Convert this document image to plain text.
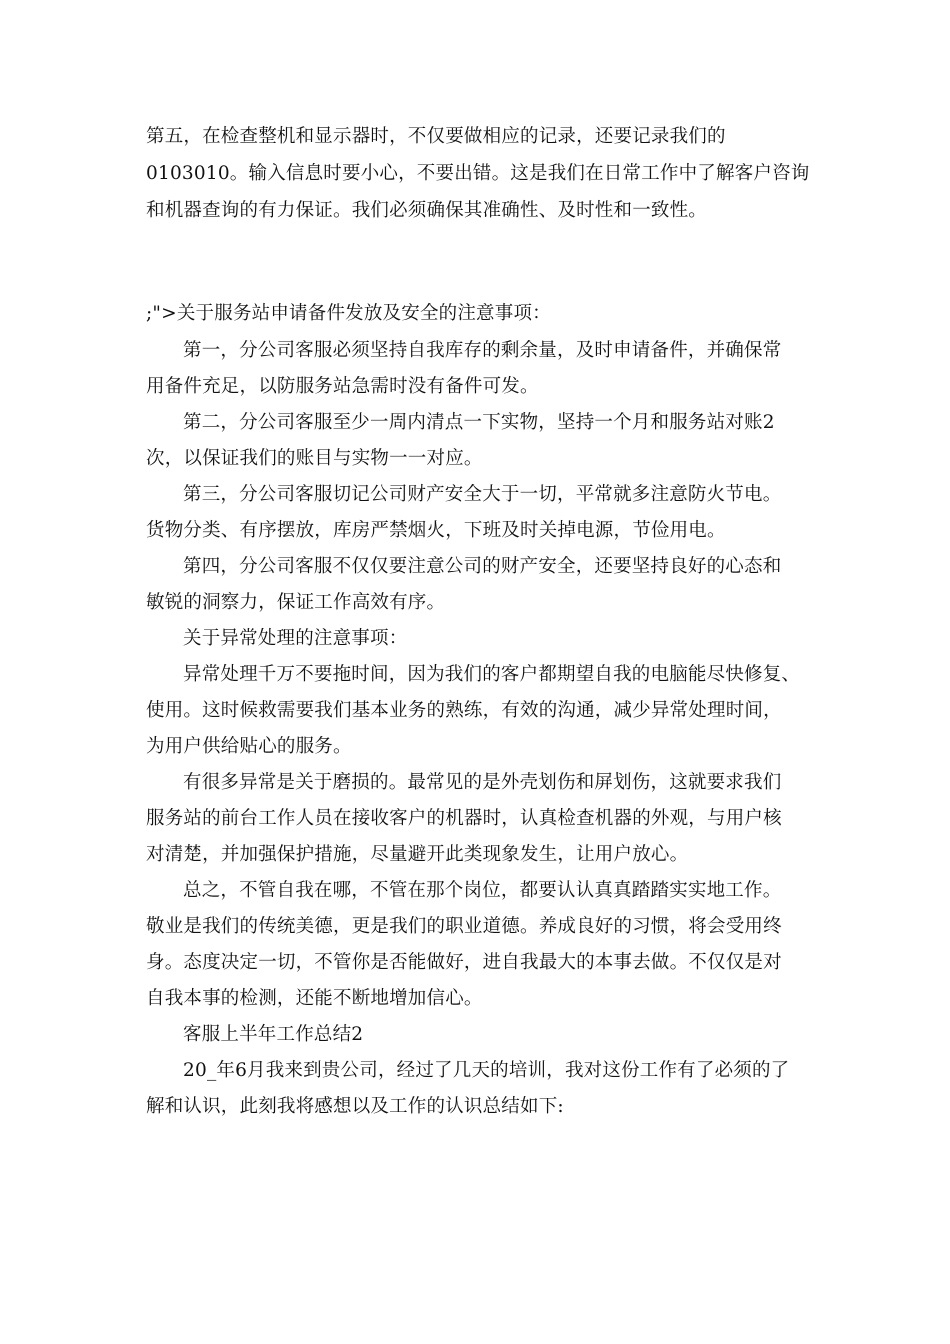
第五，在检查整机和显示器时，不仅要做相应的记录，还要记录我们的
0103010。输入信息时要小心，不要出错。这是我们在日常工作中了解客户咨询
和机器查询的有力保证。我们必须确保其准确性、及时性和一致性。
;">关于服务站申请备件发放及安全的注意事项：
第一，分公司客服必须坚持自我库存的剩余量，及时申请备件，并确保常
用备件充足，以防服务站急需时没有备件可发。
第二，分公司客服至少一周内清点一下实物，坚持一个月和服务站对账2
次，以保证我们的账目与实物一一对应。
第三，分公司客服切记公司财产安全大于一切，平常就多注意防火节电。
货物分类、有序摆放，库房严禁烟火，下班及时关掉电源，节俭用电。
第四，分公司客服不仅仅要注意公司的财产安全，还要坚持良好的心态和
敏锐的洞察力，保证工作高效有序。
关于异常处理的注意事项：
异常处理千万不要拖时间，因为我们的客户都期望自我的电脑能尽快修复、
使用。这时候救需要我们基本业务的熟练，有效的沟通，减少异常处理时间，
为用户供给贴心的服务。
有很多异常是关于磨损的。最常见的是外壳划伤和屏划伤，这就要求我们
服务站的前台工作人员在接收客户的机器时，认真检查机器的外观，与用户核
对清楚，并加强保护措施，尽量避开此类现象发生，让用户放心。
总之，不管自我在哪，不管在那个岗位，都要认认真真踏踏实实地工作。
敬业是我们的传统美德，更是我们的职业道德。养成良好的习惯，将会受用终
身。态度决定一切，不管你是否能做好，进自我最大的本事去做。不仅仅是对
自我本事的检测，还能不断地增加信心。
客服上半年工作总结2
20_年6月我来到贵公司，经过了几天的培训，我对这份工作有了必须的了
解和认识，此刻我将感想以及工作的认识总结如下:
